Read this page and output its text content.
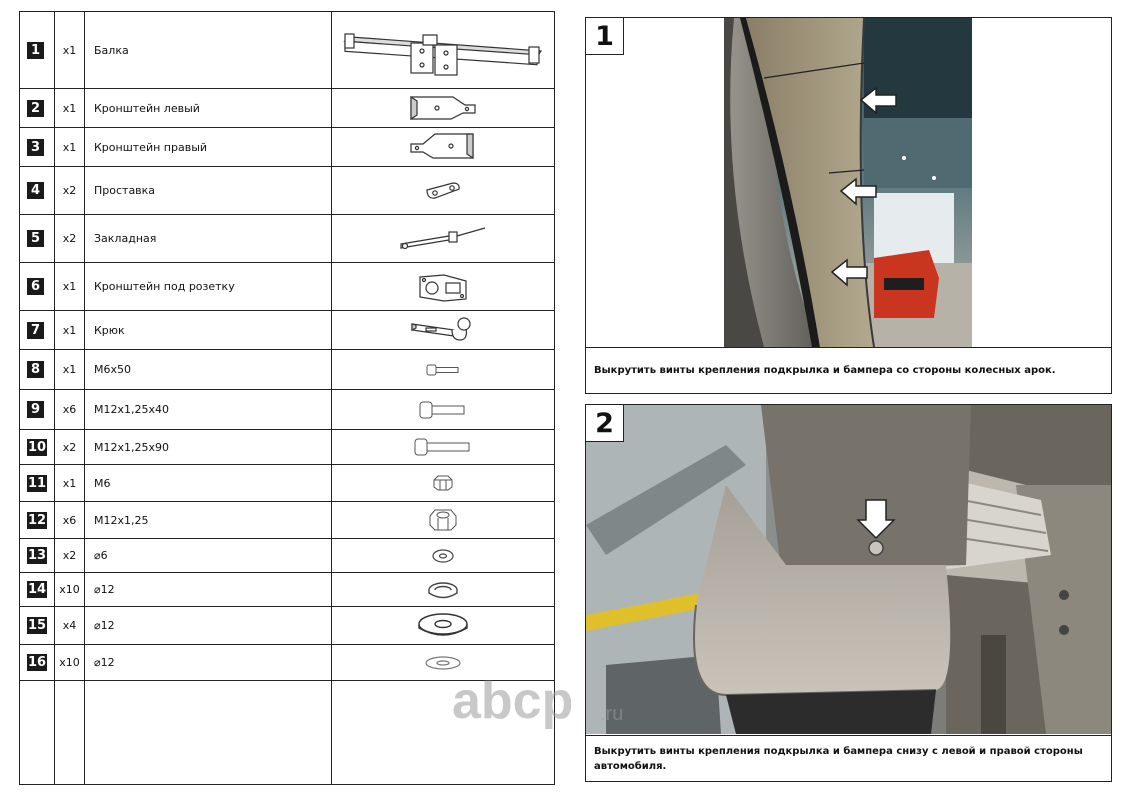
1	x1	Балка	

2	x1	Кронштейн левый	

3	x1	Кронштейн правый	

4	x2	Проставка	

5	x2	Закладная	

6	x1	Кронштейн под розетку	

7	x1	Крюк	

8	x1	М6х50	

9	x6	М12х1,25х40	

10	x2	М12х1,25х90	

11	x1	М6	

12	x6	М12х1,25	

13	x2	⌀6	

14	x10	⌀12	

15	x4	⌀12	

16	x10	⌀12	

1
Выкрутить винты крепления подкрылка и бампера со стороны колесных арок.
2
Выкрутить винты крепления подкрылка и бампера снизу с левой и правой стороны автомобиля.
abcp .ru
